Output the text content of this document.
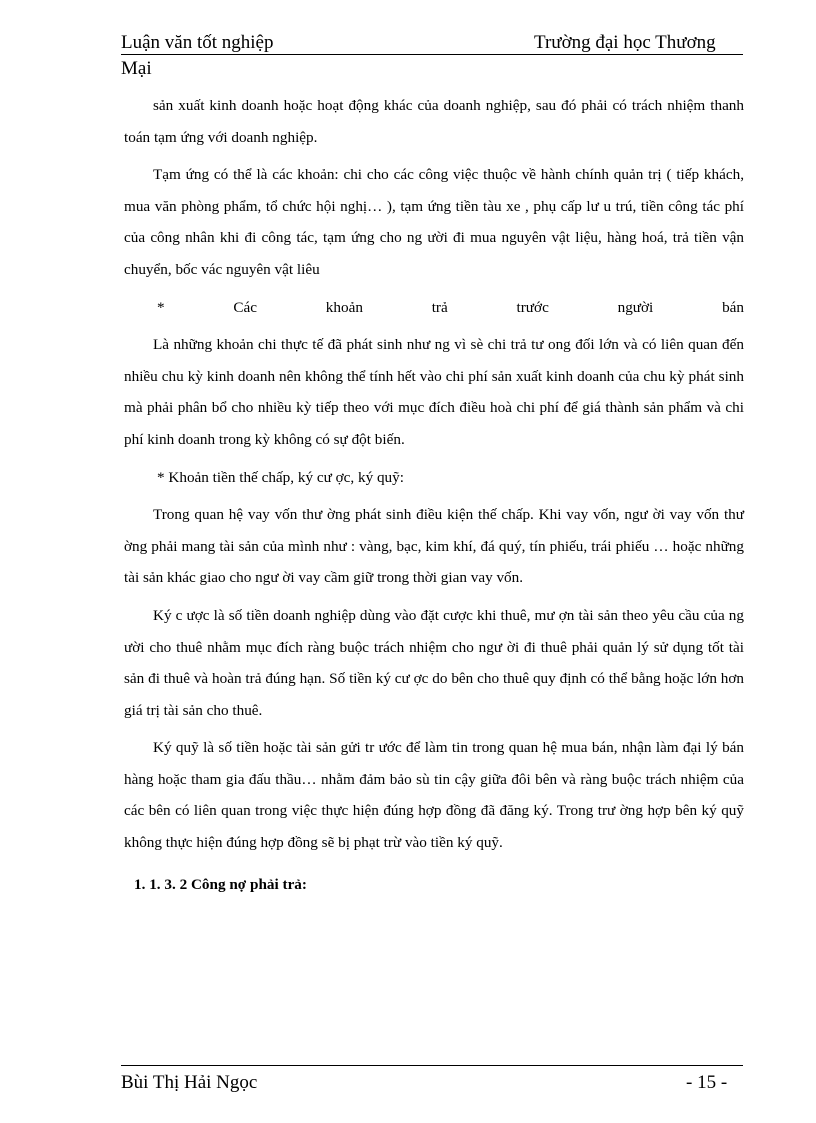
Luận văn tốt nghiệp	Trường đại học Thương
Mại

sản xuất kinh doanh hoặc hoạt động khác của doanh nghiệp, sau đó phải có trách nhiệm thanh toán tạm ứng với doanh nghiệp.

Tạm ứng có thể là các khoản: chi cho các công việc thuộc về hành chính quản trị ( tiếp khách, mua văn phòng phẩm, tổ chức hội nghị… ), tạm ứng tiền tàu xe , phụ cấp lư u trú, tiền công tác phí của công nhân khi đi công tác, tạm ứng cho ng ười đi mua nguyên vật liệu, hàng hoá, trả tiền vận chuyển, bốc vác nguyên vật liêu

* Các khoản trả trước người bán

Là những khoản chi thực tế đã phát sinh như ng vì sè chi trả tư ong đối lớn và có liên quan đến nhiều chu kỳ kinh doanh nên không thể tính hết vào chi phí sản xuất kinh doanh của chu kỳ phát sinh mà phải phân bổ cho nhiều kỳ tiếp theo với mục đích điều hoà chi phí để giá thành sản phẩm và chi phí kinh doanh trong kỳ không có sự đột biến.

* Khoản tiền thế chấp, ký cư ợc, ký quỹ:

Trong quan hệ vay vốn thư ờng phát sinh điều kiện thế chấp. Khi vay vốn, ngư ời vay vốn thư ờng phải mang tài sản của mình như : vàng, bạc, kim khí, đá quý, tín phiếu, trái phiếu … hoặc những tài sản khác giao cho ngư ời vay cầm giữ trong thời gian vay vốn.

Ký c ược là số tiền doanh nghiệp dùng vào đặt cược khi thuê, mư ợn tài sản theo yêu cầu của ng ười cho thuê nhằm mục đích ràng buộc trách nhiệm cho ngư ời đi thuê phải quản lý sử dụng tốt tài sản đi thuê và hoàn trả đúng hạn. Số tiền ký cư ợc do bên cho thuê quy định có thể bằng hoặc lớn hơn giá trị tài sản cho thuê.

Ký quỹ là số tiền hoặc tài sản gửi tr ước để làm tin trong quan hệ mua bán, nhận làm đại lý bán hàng hoặc tham gia đấu thầu… nhằm đảm bảo sù tin cậy giữa đôi bên và ràng buộc trách nhiệm của các bên có liên quan trong việc thực hiện đúng hợp đồng đã đăng ký. Trong trư ờng hợp bên ký quỹ không thực hiện đúng hợp đồng sẽ bị phạt trừ vào tiền ký quỹ.

1. 1. 3. 2 Công nợ phải trả:

Bùi Thị Hải Ngọc	- 15 -
